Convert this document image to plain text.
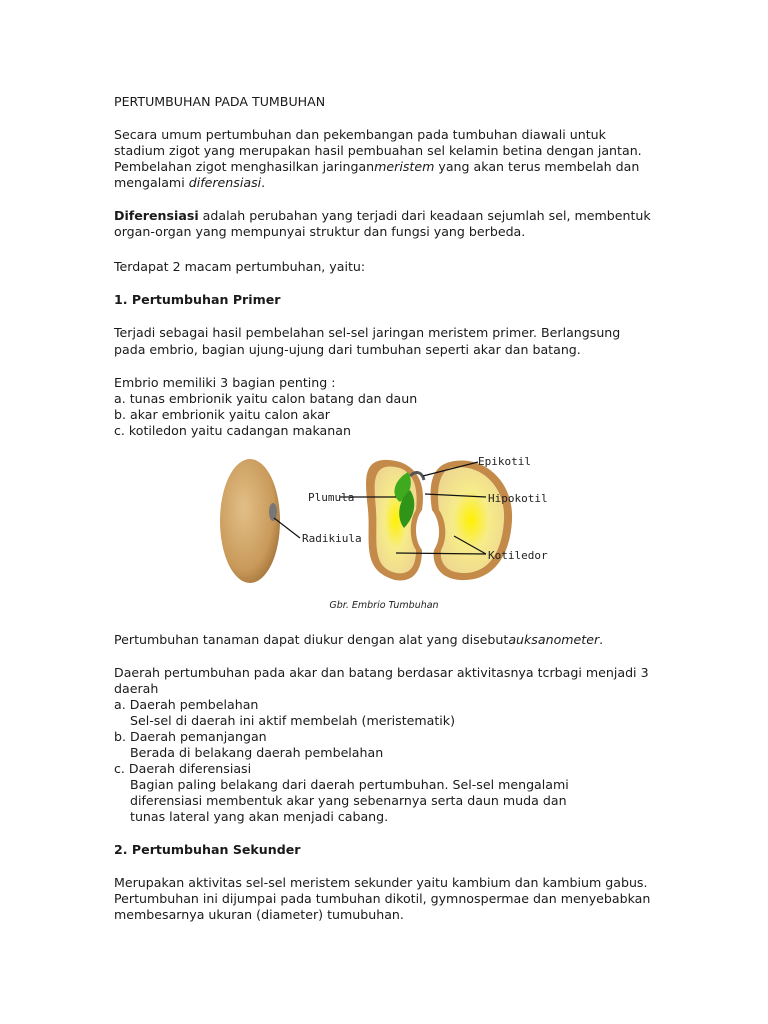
PERTUMBUHAN PADA TUMBUHAN
Secara umum pertumbuhan dan pekembangan pada tumbuhan diawali untuk
stadium zigot yang merupakan hasil pembuahan sel kelamin betina dengan jantan.
Pembelahan zigot menghasilkan jaringanmeristem yang akan terus membelah dan
mengalami diferensiasi.
Diferensiasi adalah perubahan yang terjadi dari keadaan sejumlah sel, membentuk
organ-organ yang mempunyai struktur dan fungsi yang berbeda.
Terdapat 2 macam pertumbuhan, yaitu:
1. Pertumbuhan Primer
Terjadi sebagai hasil pembelahan sel-sel jaringan meristem primer. Berlangsung
pada embrio, bagian ujung-ujung dari tumbuhan seperti akar dan batang.
Embrio memiliki 3 bagian penting :
a. tunas embrionik yaitu calon batang dan daun
b. akar embrionik yaitu calon akar
c. kotiledon yaitu cadangan makanan
Epikotil
Plumula	Hipokotil
Radikiula
Kotiledor
Gbr. Embrio Tumbuhan
Pertumbuhan tanaman dapat diukur dengan alat yang disebutauksanometer.
Daerah pertumbuhan pada akar dan batang berdasar aktivitasnya tcrbagi menjadi 3
daerah
a. Daerah pembelahan
Sel-sel di daerah ini aktif membelah (meristematik)
b. Daerah pemanjangan
Berada di belakang daerah pembelahan
c. Daerah diferensiasi
Bagian paling belakang dari daerah pertumbuhan. Sel-sel mengalami
diferensiasi membentuk akar yang sebenarnya serta daun muda dan
tunas lateral yang akan menjadi cabang.
2. Pertumbuhan Sekunder
Merupakan aktivitas sel-sel meristem sekunder yaitu kambium dan kambium gabus.
Pertumbuhan ini dijumpai pada tumbuhan dikotil, gymnospermae dan menyebabkan
membesarnya ukuran (diameter) tumubuhan.
